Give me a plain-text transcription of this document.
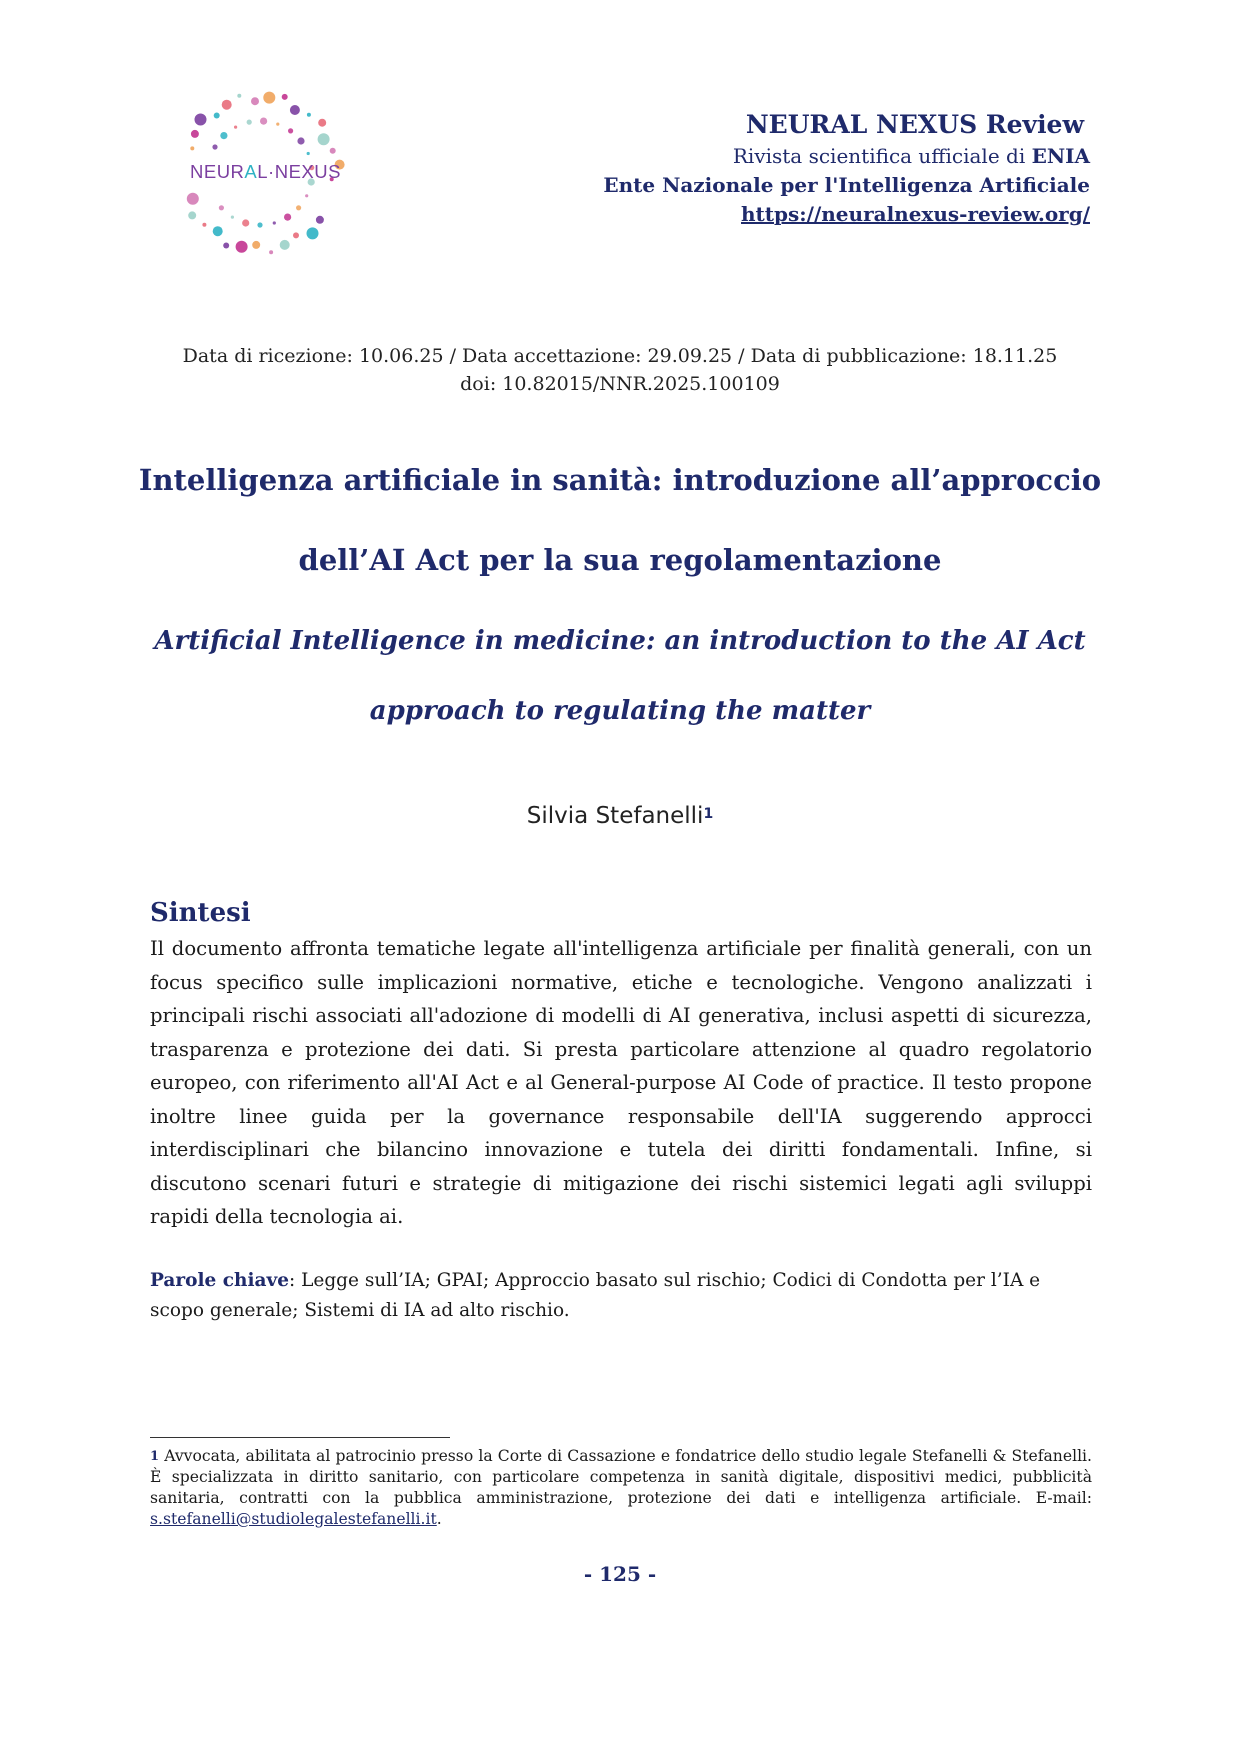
NEURAL·NEXUS
NEURAL NEXUS Review
Rivista scientifica ufficiale di ENIA
Ente Nazionale per l'Intelligenza Artificiale
https://neuralnexus-review.org/
Data di ricezione: 10.06.25 / Data accettazione: 29.09.25 / Data di pubblicazione: 18.11.25
doi: 10.82015/NNR.2025.100109
Intelligenza artificiale in sanità: introduzione all’approccio
dell’AI Act per la sua regolamentazione
Artificial Intelligence in medicine: an introduction to the AI Act
approach to regulating the matter
Silvia Stefanelli$^1$
Sintesi
Il documento affronta tematiche legate all'intelligenza artificiale per finalità generali, con un focus specifico sulle implicazioni normative, etiche e tecnologiche. Vengono analizzati i principali rischi associati all'adozione di modelli di AI generativa, inclusi aspetti di sicurezza, trasparenza e protezione dei dati. Si presta particolare attenzione al quadro regolatorio europeo, con riferimento all'AI Act e al General-purpose AI Code of practice. Il testo propone inoltre linee guida per la governance responsabile dell'IA suggerendo approcci interdisciplinari che bilancino innovazione e tutela dei diritti fondamentali. Infine, si discutono scenari futuri e strategie di mitigazione dei rischi sistemici legati agli sviluppi rapidi della tecnologia ai.
Parole chiave: Legge sull’IA; GPAI; Approccio basato sul rischio; Codici di Condotta per l’IA e scopo generale; Sistemi di IA ad alto rischio.
$^1$ Avvocata, abilitata al patrocinio presso la Corte di Cassazione e fondatrice dello studio legale Stefanelli & Stefanelli. È specializzata in diritto sanitario, con particolare competenza in sanità digitale, dispositivi medici, pubblicità sanitaria, contratti con la pubblica amministrazione, protezione dei dati e intelligenza artificiale. E-mail: s.stefanelli@studiolegalestefanelli.it.
- 125 -
